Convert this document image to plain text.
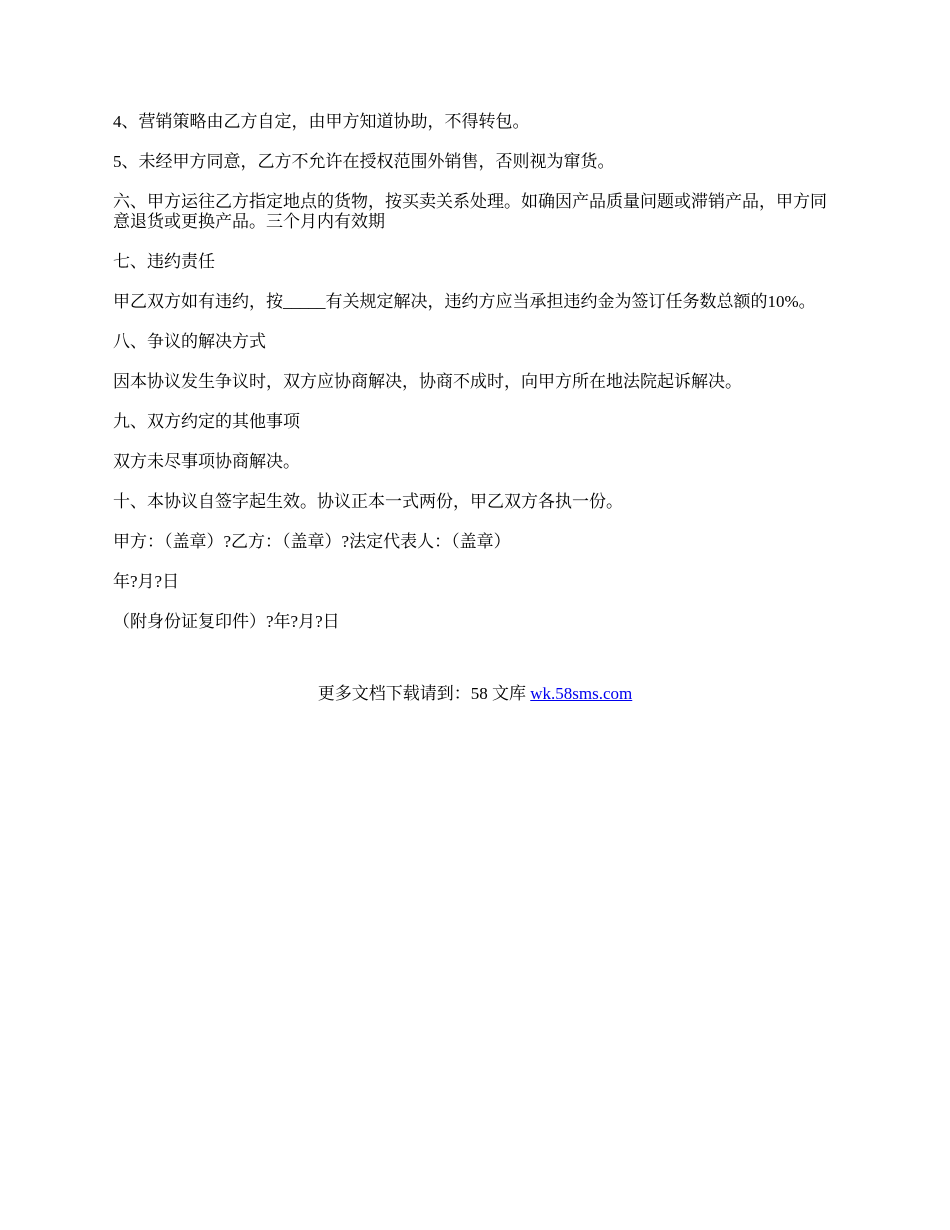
4、营销策略由乙方自定，由甲方知道协助，不得转包。

5、未经甲方同意，乙方不允许在授权范围外销售，否则视为窜货。

六、甲方运往乙方指定地点的货物，按买卖关系处理。如确因产品质量问题或滞销产品，甲方同意退货或更换产品。三个月内有效期

七、违约责任

甲乙双方如有违约，按_____有关规定解决，违约方应当承担违约金为签订任务数总额的10%。

八、争议的解决方式

因本协议发生争议时，双方应协商解决，协商不成时，向甲方所在地法院起诉解决。

九、双方约定的其他事项

双方未尽事项协商解决。

十、本协议自签字起生效。协议正本一式两份，甲乙双方各执一份。

甲方：（盖章）?乙方：（盖章）?法定代表人：（盖章）

年?月?日

（附身份证复印件）?年?月?日

更多文档下载请到：58 文库 wk.58sms.com
